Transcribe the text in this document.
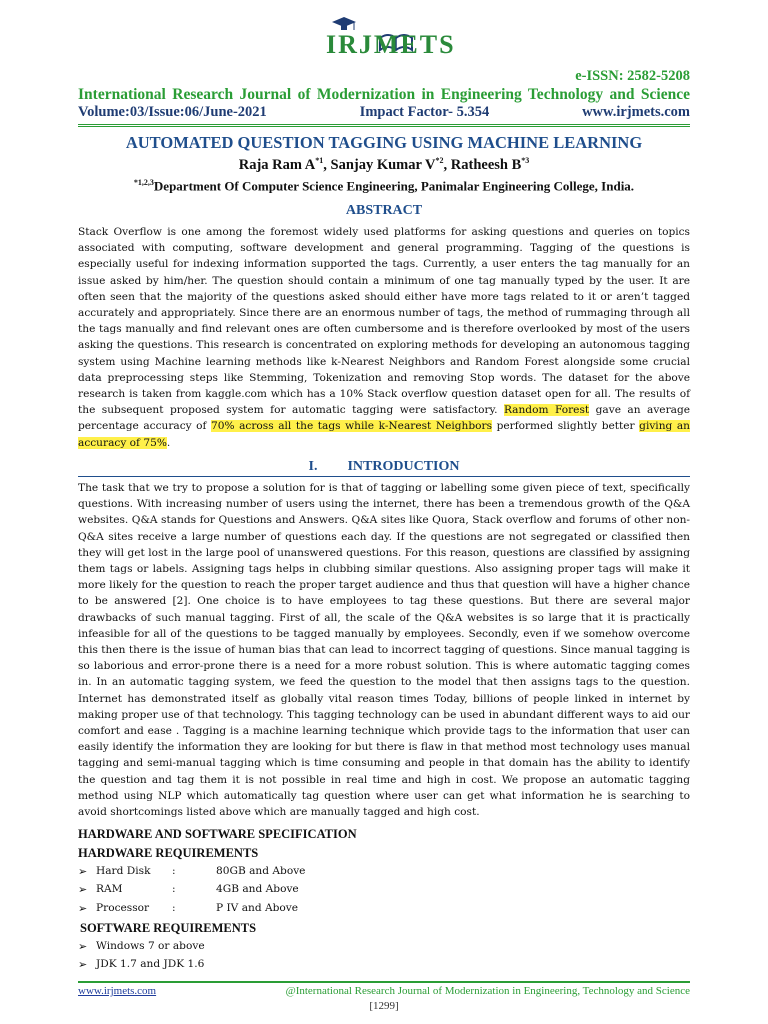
IRJMETS
e-ISSN: 2582-5208
International Research Journal of Modernization in Engineering Technology and Science
Volume:03/Issue:06/June-2021	Impact Factor- 5.354	www.irjmets.com
AUTOMATED QUESTION TAGGING USING MACHINE LEARNING
Raja Ram $A^{*1}$, Sanjay Kumar $V^{*2}$, Ratheesh $B^{*3}$
$^{*1,2,3}$Department Of Computer Science Engineering, Panimalar Engineering College, India.
ABSTRACT

Stack Overflow is one among the foremost widely used platforms for asking questions and queries on topics associated with computing, software development and general programming. Tagging of the questions is especially useful for indexing information supported the tags. Currently, a user enters the tag manually for an issue asked by him/her. The question should contain a minimum of one tag manually typed by the user. It are often seen that the majority of the questions asked should either have more tags related to it or aren’t tagged accurately and appropriately. Since there are an enormous number of tags, the method of rummaging through all the tags manually and find relevant ones are often cumbersome and is therefore overlooked by most of the users asking the questions. This research is concentrated on exploring methods for developing an autonomous tagging system using Machine learning methods like k-Nearest Neighbors and Random Forest alongside some crucial data preprocessing steps like Stemming, Tokenization and removing Stop words. The dataset for the above research is taken from kaggle.com which has a 10% Stack overflow question dataset open for all. The results of the subsequent proposed system for automatic tagging were satisfactory. Random Forest gave an average percentage accuracy of 70% across all the tags while k-Nearest Neighbors performed slightly better giving an accuracy of 75%.

I. INTRODUCTION

The task that we try to propose a solution for is that of tagging or labelling some given piece of text, specifically questions. With increasing number of users using the internet, there has been a tremendous growth of the Q&A websites. Q&A stands for Questions and Answers. Q&A sites like Quora, Stack overflow and forums of other non- Q&A sites receive a large number of questions each day. If the questions are not segregated or classified then they will get lost in the large pool of unanswered questions. For this reason, questions are classified by assigning them tags or labels. Assigning tags helps in clubbing similar questions. Also assigning proper tags will make it more likely for the question to reach the proper target audience and thus that question will have a higher chance to be answered [2]. One choice is to have employees to tag these questions. But there are several major drawbacks of such manual tagging. First of all, the scale of the Q&A websites is so large that it is practically infeasible for all of the questions to be tagged manually by employees. Secondly, even if we somehow overcome this then there is the issue of human bias that can lead to incorrect tagging of questions. Since manual tagging is so laborious and error-prone there is a need for a more robust solution. This is where automatic tagging comes in. In an automatic tagging system, we feed the question to the model that then assigns tags to the question. Internet has demonstrated itself as globally vital reason times Today, billions of people linked in internet by making proper use of that technology. This tagging technology can be used in abundant different ways to aid our comfort and ease . Tagging is a machine learning technique which provide tags to the information that user can easily identify the information they are looking for but there is flaw in that method most technology uses manual tagging and semi-manual tagging which is time consuming and people in that domain has the ability to identify the question and tag them it is not possible in real time and high in cost. We propose an automatic tagging method using NLP which automatically tag question where user can get what information he is searching to avoid shortcomings listed above which are manually tagged and high cost.

HARDWARE AND SOFTWARE SPECIFICATION
HARDWARE REQUIREMENTS
➢ Hard Disk :	80GB and Above
➢ RAM	:	4GB and Above
➢ Processor :	P IV and Above
SOFTWARE REQUIREMENTS
➢ Windows 7 or above
➢ JDK 1.7 and JDK 1.6
www.irjmets.com	@International Research Journal of Modernization in Engineering, Technology and Science
[1299]
